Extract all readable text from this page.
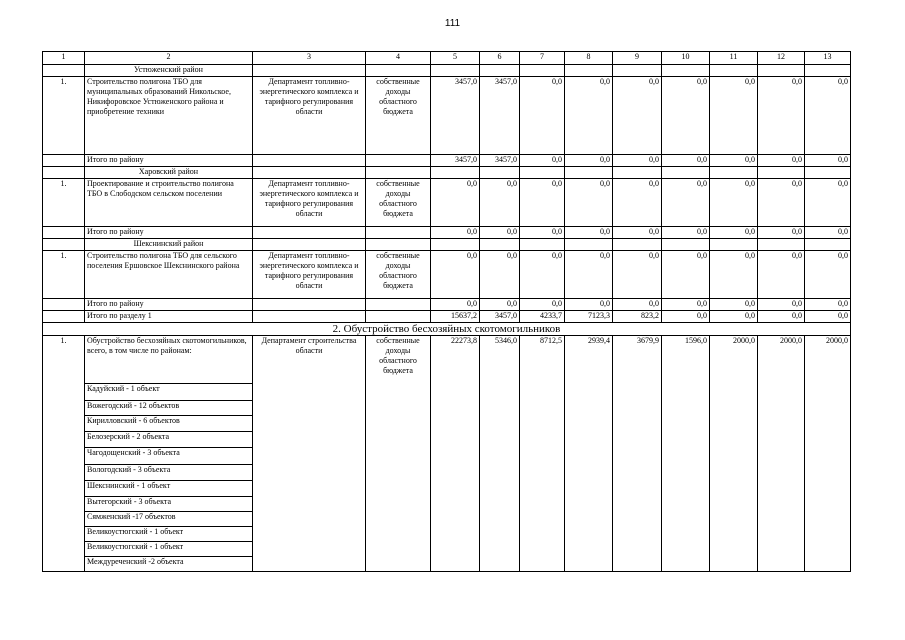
111
1	2	3	4	5	6	7	8	9	10	11	12	13
	Устюженский район											
1.	Строительство полигона ТБО для муниципальных образований Никольское, Никифоровское Устюженского района и приобретение техники	Департамент топливно-энергетического комплекса и тарифного регулирования области	собственные доходы областного бюджета	3457,0	3457,0	0,0	0,0	0,0	0,0	0,0	0,0	0,0
	Итого по району			3457,0	3457,0	0,0	0,0	0,0	0,0	0,0	0,0	0,0
	Харовский район											
1.	Проектирование и строительство полигона ТБО в Слободском сельском поселении	Департамент топливно-энергетического комплекса и тарифного регулирования области	собственные доходы областного бюджета	0,0	0,0	0,0	0,0	0,0	0,0	0,0	0,0	0,0
	Итого по району			0,0	0,0	0,0	0,0	0,0	0,0	0,0	0,0	0,0
	Шекснинский район											
1.	Строительство полигона ТБО для сельского поселения Ершовское Шекснинского района	Департамент топливно-энергетического комплекса и тарифного регулирования области	собственные доходы областного бюджета	0,0	0,0	0,0	0,0	0,0	0,0	0,0	0,0	0,0
	Итого по району			0,0	0,0	0,0	0,0	0,0	0,0	0,0	0,0	0,0
	Итого по разделу 1			15637,2	3457,0	4233,7	7123,3	823,2	0,0	0,0	0,0	0,0
2. Обустройство бесхозяйных скотомогильников												
1.	Обустройство бесхозяйных скотомогильников, всего, в том числе по районам:	Департамент строительства области	собственные доходы областного бюджета	22273,8	5346,0	8712,5	2939,4	3679,9	1596,0	2000,0	2000,0	2000,0
	Кадуйский - 1 объект											
	Вожегодский - 12 объектов											
	Кирилловский - 6 объектов											
	Белозерский - 2 объекта											
	Чагодощенский - 3 объекта											
	Вологодский - 3 объекта											
	Шекснинский - 1 объект											
	Вытегорский - 3 объекта											
	Сямженский -17 объектов											
	Великоустюгский - 1 объект											
	Великоустюгский - 1 объект											
	Междуреченский -2 объекта											
